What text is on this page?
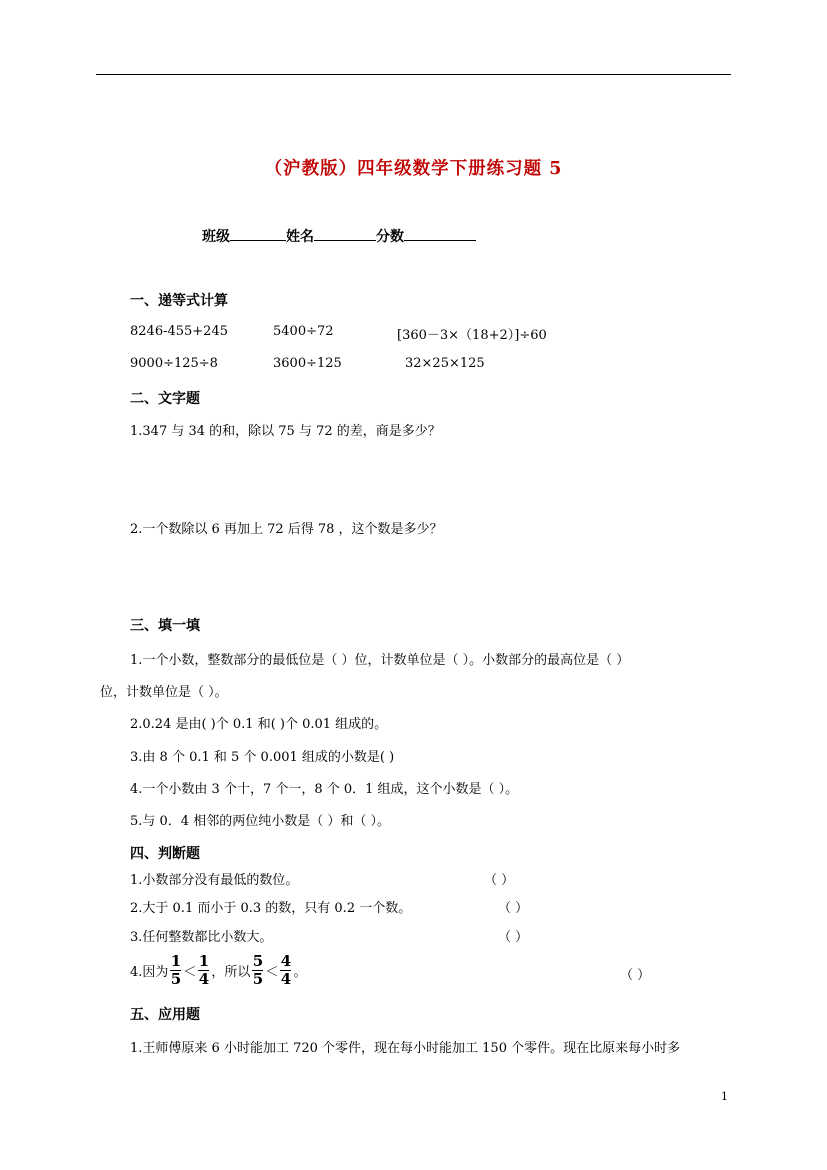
（沪教版）四年级数学下册练习题 5
班级	姓名	分数
一、递等式计算
8246-455+245	5400÷72	[360－3×（18+2）]÷60
9000÷125÷8	3600÷125	32×25×125
二、文字题
1.347 与 34 的和，除以 75 与 72 的差，商是多少？
2.一个数除以 6 再加上 72 后得 78 ，这个数是多少？
三、填一填
1.一个小数，整数部分的最低位是（ ）位，计数单位是（ ）。小数部分的最高位是（ ）
位，计数单位是（ ）。
2.0.24 是由( )个 0.1 和( )个 0.01 组成的。
3.由 8 个 0.1 和 5 个 0.001 组成的小数是( )
4.一个小数由 3 个十，7 个一，8 个 0．1 组成，这个小数是（ ）。
5.与 0．4 相邻的两位纯小数是（ ）和（ ）。
四、判断题
1.小数部分没有最低的数位。	（ ）
2.大于 0.1 而小于 0.3 的数，只有 0.2 一个数。	（ ）
3.任何整数都比小数大。	（ ）
4.因为 $\frac{1}{5} < \frac{1}{4}$ ，所以 $\frac{5}{5} < \frac{4}{4}$ 。	（ ）
五、应用题
1.王师傅原来 6 小时能加工 720 个零件，现在每小时能加工 150 个零件。现在比原来每小时多
1
